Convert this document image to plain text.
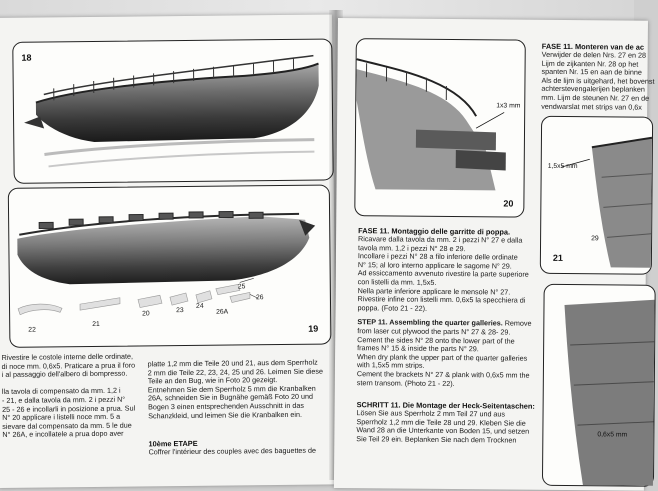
18
19
25
26
26A
24
23
20
21
22
Rivestire le costole interne delle ordinate,
di noce mm. 0,6x5. Praticare a prua il foro
i al passaggio dell'albero di bompresso.

lla tavola di compensato da mm. 1,2 i
- 21, e dalla tavola da mm. 2 i pezzi N°
25 - 26 e incollarli in posizione a prua. Sul
N° 20 applicare i listelli noce mm. 5 a
sievare dal compensato da mm. 5 le due
N° 26A, e incollatele a prua dopo aver
platte 1,2 mm die Teile 20 und 21, aus dem Sperrholz
2 mm die Teile 22, 23, 24, 25 und 26. Leimen Sie diese
Teile an den Bug, wie in Foto 20 gezeigt.
Entnehmen Sie dem Sperrholz 5 mm die Kranbalken
26A, schneiden Sie in Bugnähe gemäß Foto 20 und
Bogen 3 einen entsprechenden Ausschnitt in das
Schanzkleid, und leimen Sie die Kranbalken ein.
10ème ETAPE
Coffrer l'intérieur des couples avec des baguettes de
1x3 mm
20
FASE 11. Monteren van de ac
Verwijder de delen Nrs. 27 en 28
Lijm de zijkanten Nr. 28 op het
spanten Nr. 15 en aan de binne
Als de lijm is uitgehard, het bovenst
achterstevengalerijen beplanken
mm. Lijm de steunen Nr. 27 en de
vendwarslat met strips van 0,6x
1,5x5 mm
29
21
0,6x5 mm
FASE 11. Montaggio delle garritte di poppa.
Ricavare dalla tavola da mm. 2 i pezzi N° 27 e dalla
tavola mm. 1,2 i pezzi N° 28 e 29.
Incollare i pezzi N° 28 a filo inferiore delle ordinate
N° 15; al loro interno applicare le sagome N° 29.
Ad essiccamento avvenuto rivestire la parte superiore
con listelli da mm. 1,5x5.
Nella parte inferiore applicare le mensole N° 27.
Rivestire infine con listelli mm. 0,6x5 la specchiera di
poppa. (Foto 21 - 22).
STEP 11. Assembling the quarter galleries. Remove
from laser cut plywood the parts N° 27 & 28- 29.
Cement the sides N° 28 onto the lower part of the
frames N° 15 & inside the parts N° 29.
When dry plank the upper part of the quarter galleries
with 1,5x5 mm strips.
Cement the brackets N° 27 & plank with 0,6x5 mm the
stern transom. (Photo 21 - 22).
SCHRITT 11. Die Montage der Heck-Seitentaschen:
Lösen Sie aus Sperrholz 2 mm Teil 27 und aus
Sperrholz 1,2 mm die Teile 28 und 29. Kleben Sie die
Wand 28 an die Unterkante von Boden 15, und setzen
Sie Teil 29 ein. Beplanken Sie nach dem Trocknen
